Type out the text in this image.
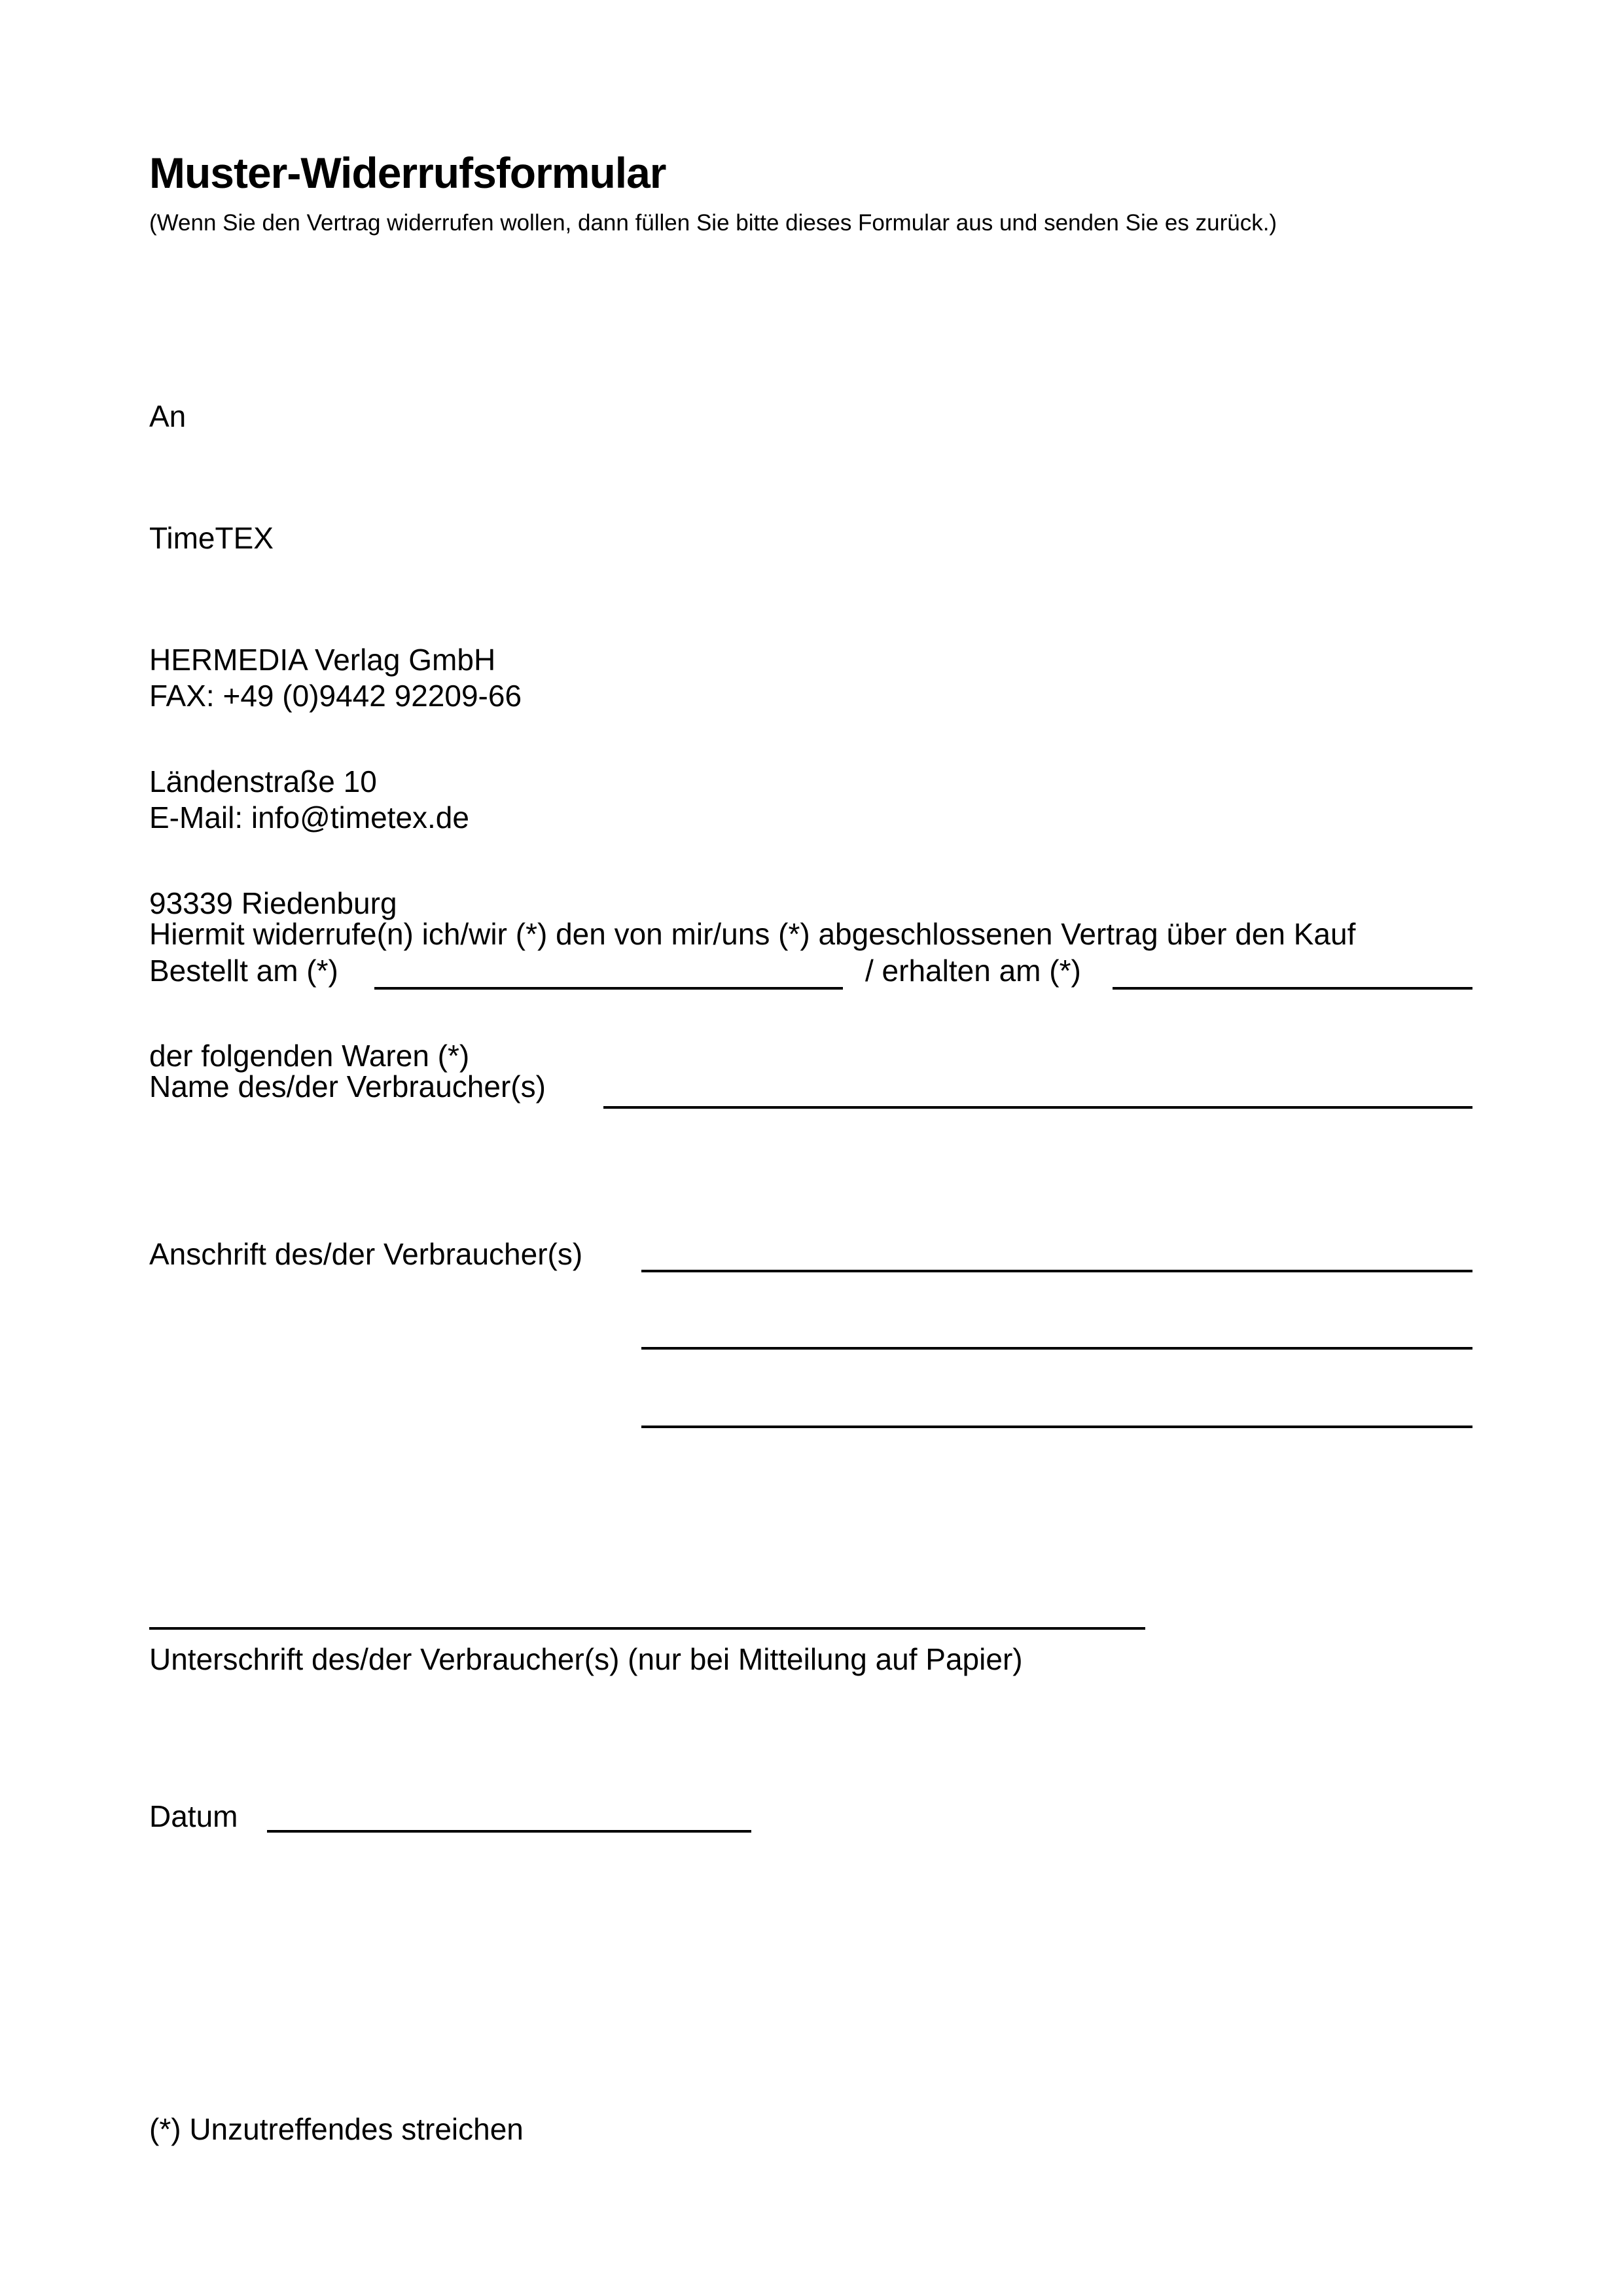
Muster-Widerrufsformular
(Wenn Sie den Vertrag widerrufen wollen, dann füllen Sie bitte dieses Formular aus und senden Sie es zurück.)

An

TimeTEX

HERMEDIA Verlag GmbH

Ländenstraße 10

93339 Riedenburg

FAX: +49 (0)9442 92209-66

E-Mail: info@timetex.de

Hiermit widerrufe(n) ich/wir (*) den von mir/uns (*) abgeschlossenen Vertrag über den Kauf

der folgenden Waren (*)

Bestellt am (*)	/ erhalten am (*)
Name des/der Verbraucher(s)
Anschrift des/der Verbraucher(s)
Unterschrift des/der Verbraucher(s) (nur bei Mitteilung auf Papier)
Datum
(*) Unzutreffendes streichen
